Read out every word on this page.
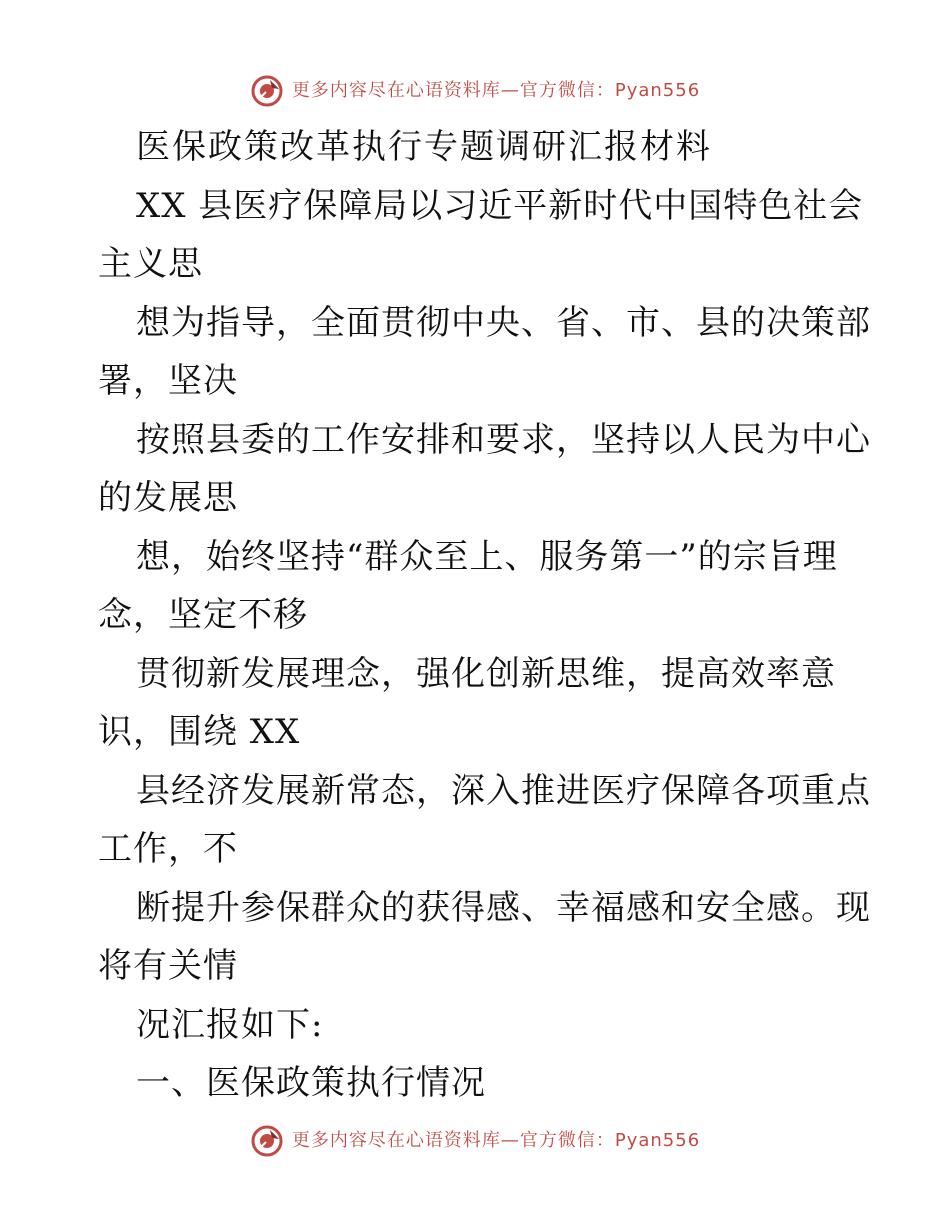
更多内容尽在心语资料库—官方微信：Pyan556

医保政策改革执行专题调研汇报材料

XX 县医疗保障局以习近平新时代中国特色社会

主义思

想为指导，全面贯彻中央、省、市、县的决策部

署，坚决

按照县委的工作安排和要求，坚持以人民为中心

的发展思

想，始终坚持“群众至上、服务第一”的宗旨理

念，坚定不移

贯彻新发展理念，强化创新思维，提高效率意

识，围绕 XX

县经济发展新常态，深入推进医疗保障各项重点

工作，不

断提升参保群众的获得感、幸福感和安全感。现

将有关情

况汇报如下:

一、医保政策执行情况

更多内容尽在心语资料库—官方微信：Pyan556
